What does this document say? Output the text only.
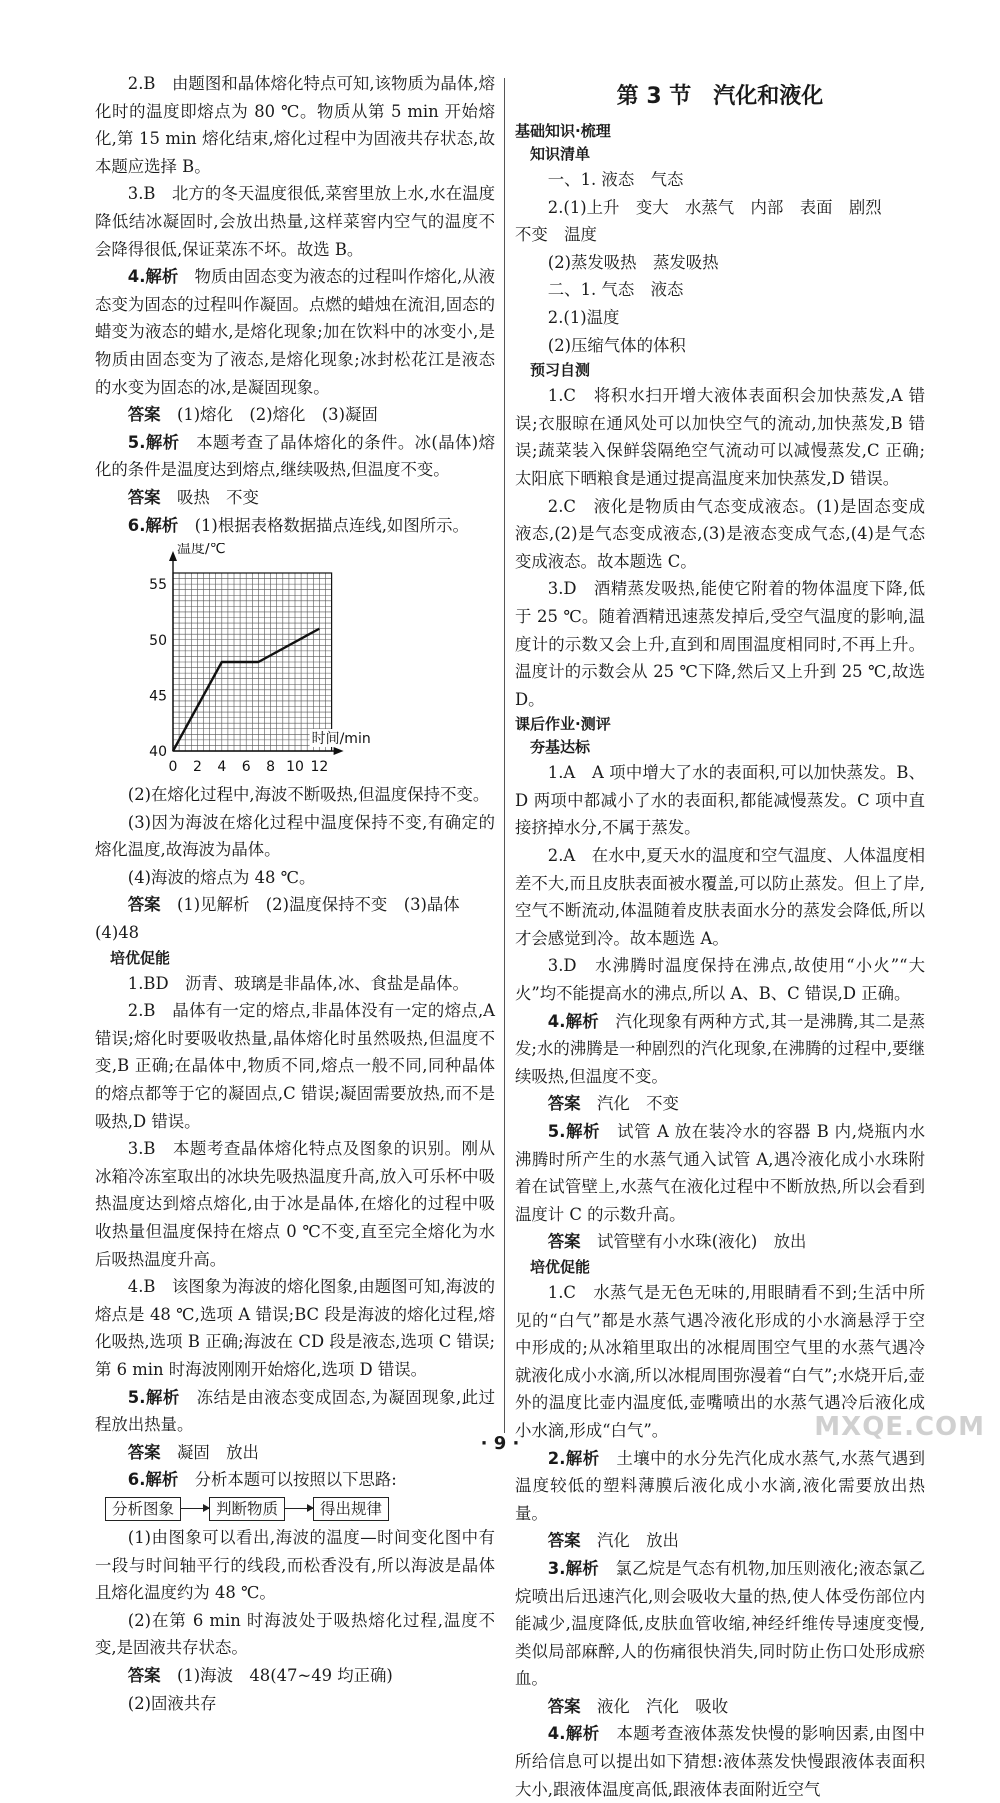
2.B　由题图和晶体熔化特点可知,该物质为晶体,熔化时的温度即熔点为 80 ℃。物质从第 5 min 开始熔化,第 15 min 熔化结束,熔化过程中为固液共存状态,故本题应选择 B。

3.B　北方的冬天温度很低,菜窖里放上水,水在温度降低结冰凝固时,会放出热量,这样菜窖内空气的温度不会降得很低,保证菜冻不坏。故选 B。

4.解析　 物质由固态变为液态的过程叫作熔化,从液态变为固态的过程叫作凝固。点燃的蜡烛在流泪,固态的蜡变为液态的蜡水,是熔化现象;加在饮料中的冰变小,是物质由固态变为了液态,是熔化现象;冰封松花江是液态的水变为固态的冰,是凝固现象。

答案　 (1)熔化　(2)熔化　(3)凝固

5.解析　 本题考查了晶体熔化的条件。冰(晶体)熔化的条件是温度达到熔点,继续吸热,但温度不变。

答案　 吸热　不变

6.解析　 (1)根据表格数据描点连线,如图所示。

40
45
50
55
0 2 4 6 8 10 12
温度/℃
时间/min

(2)在熔化过程中,海波不断吸热,但温度保持不变。

(3)因为海波在熔化过程中温度保持不变,有确定的熔化温度,故海波为晶体。

(4)海波的熔点为 48 ℃。

答案　 (1)见解析　(2)温度保持不变　(3)晶体

(4)48

培优促能

1.BD　沥青、玻璃是非晶体,冰、食盐是晶体。

2.B　晶体有一定的熔点,非晶体没有一定的熔点,A 错误;熔化时要吸收热量,晶体熔化时虽然吸热,但温度不变,B 正确;在晶体中,物质不同,熔点一般不同,同种晶体的熔点都等于它的凝固点,C 错误;凝固需要放热,而不是吸热,D 错误。

3.B　本题考查晶体熔化特点及图象的识别。刚从冰箱冷冻室取出的冰块先吸热温度升高,放入可乐杯中吸热温度达到熔点熔化,由于冰是晶体,在熔化的过程中吸收热量但温度保持在熔点 0 ℃不变,直至完全熔化为水后吸热温度升高。

4.B　该图象为海波的熔化图象,由题图可知,海波的熔点是 48 ℃,选项 A 错误;BC 段是海波的熔化过程,熔化吸热,选项 B 正确;海波在 CD 段是液态,选项 C 错误;第 6 min 时海波刚刚开始熔化,选项 D 错误。

5.解析　 冻结是由液态变成固态,为凝固现象,此过程放出热量。

答案　 凝固　放出

6.解析　 分析本题可以按照以下思路:

分析图象	判断物质	得出规律

(1)由图象可以看出,海波的温度—时间变化图中有一段与时间轴平行的线段,而松香没有,所以海波是晶体且熔化温度约为 48 ℃。

(2)在第 6 min 时海波处于吸热熔化过程,温度不变,是固液共存状态。

答案　 (1)海波　48(47~49 均正确)

(2)固液共存

第 3 节　汽化和液化

基础知识·梳理

知识清单

一、1. 液态　气态

2.(1)上升　变大　水蒸气　内部　表面　剧烈

不变　温度

(2)蒸发吸热　蒸发吸热

二、1. 气态　液态

2.(1)温度

(2)压缩气体的体积

预习自测

1.C　将积水扫开增大液体表面积会加快蒸发,A 错误;衣服晾在通风处可以加快空气的流动,加快蒸发,B 错误;蔬菜装入保鲜袋隔绝空气流动可以减慢蒸发,C 正确;太阳底下晒粮食是通过提高温度来加快蒸发,D 错误。

2.C　液化是物质由气态变成液态。(1)是固态变成液态,(2)是气态变成液态,(3)是液态变成气态,(4)是气态变成液态。故本题选 C。

3.D　酒精蒸发吸热,能使它附着的物体温度下降,低于 25 ℃。随着酒精迅速蒸发掉后,受空气温度的影响,温度计的示数又会上升,直到和周围温度相同时,不再上升。温度计的示数会从 25 ℃下降,然后又上升到 25 ℃,故选 D。

课后作业·测评

夯基达标

1.A　A 项中增大了水的表面积,可以加快蒸发。B、D 两项中都减小了水的表面积,都能减慢蒸发。C 项中直接挤掉水分,不属于蒸发。

2.A　在水中,夏天水的温度和空气温度、人体温度相差不大,而且皮肤表面被水覆盖,可以防止蒸发。但上了岸,空气不断流动,体温随着皮肤表面水分的蒸发会降低,所以才会感觉到冷。故本题选 A。

3.D　水沸腾时温度保持在沸点,故使用“小火”“大火”均不能提高水的沸点,所以 A、B、C 错误,D 正确。

4.解析　 汽化现象有两种方式,其一是沸腾,其二是蒸发;水的沸腾是一种剧烈的汽化现象,在沸腾的过程中,要继续吸热,但温度不变。

答案　 汽化　不变

5.解析　 试管 A 放在装冷水的容器 B 内,烧瓶内水沸腾时所产生的水蒸气通入试管 A,遇冷液化成小水珠附着在试管壁上,水蒸气在液化过程中不断放热,所以会看到温度计 C 的示数升高。

答案　 试管壁有小水珠(液化)　放出

培优促能

1.C　水蒸气是无色无味的,用眼睛看不到;生活中所见的“白气”都是水蒸气遇冷液化形成的小水滴悬浮于空中形成的;从冰箱里取出的冰棍周围空气里的水蒸气遇冷就液化成小水滴,所以冰棍周围弥漫着“白气”;水烧开后,壶外的温度比壶内温度低,壶嘴喷出的水蒸气遇冷后液化成小水滴,形成“白气”。

2.解析　 土壤中的水分先汽化成水蒸气,水蒸气遇到温度较低的塑料薄膜后液化成小水滴,液化需要放出热量。

答案　 汽化　放出

3.解析　 氯乙烷是气态有机物,加压则液化;液态氯乙烷喷出后迅速汽化,则会吸收大量的热,使人体受伤部位内能减少,温度降低,皮肤血管收缩,神经纤维传导速度变慢,类似局部麻醉,人的伤痛很快消失,同时防止伤口处形成瘀血。

答案　 液化　汽化　吸收

4.解析　 本题考查液体蒸发快慢的影响因素,由图中所给信息可以提出如下猜想:液体蒸发快慢跟液体表面积大小,跟液体温度高低,跟液体表面附近空气

· 9 ·
MXQE.COM
